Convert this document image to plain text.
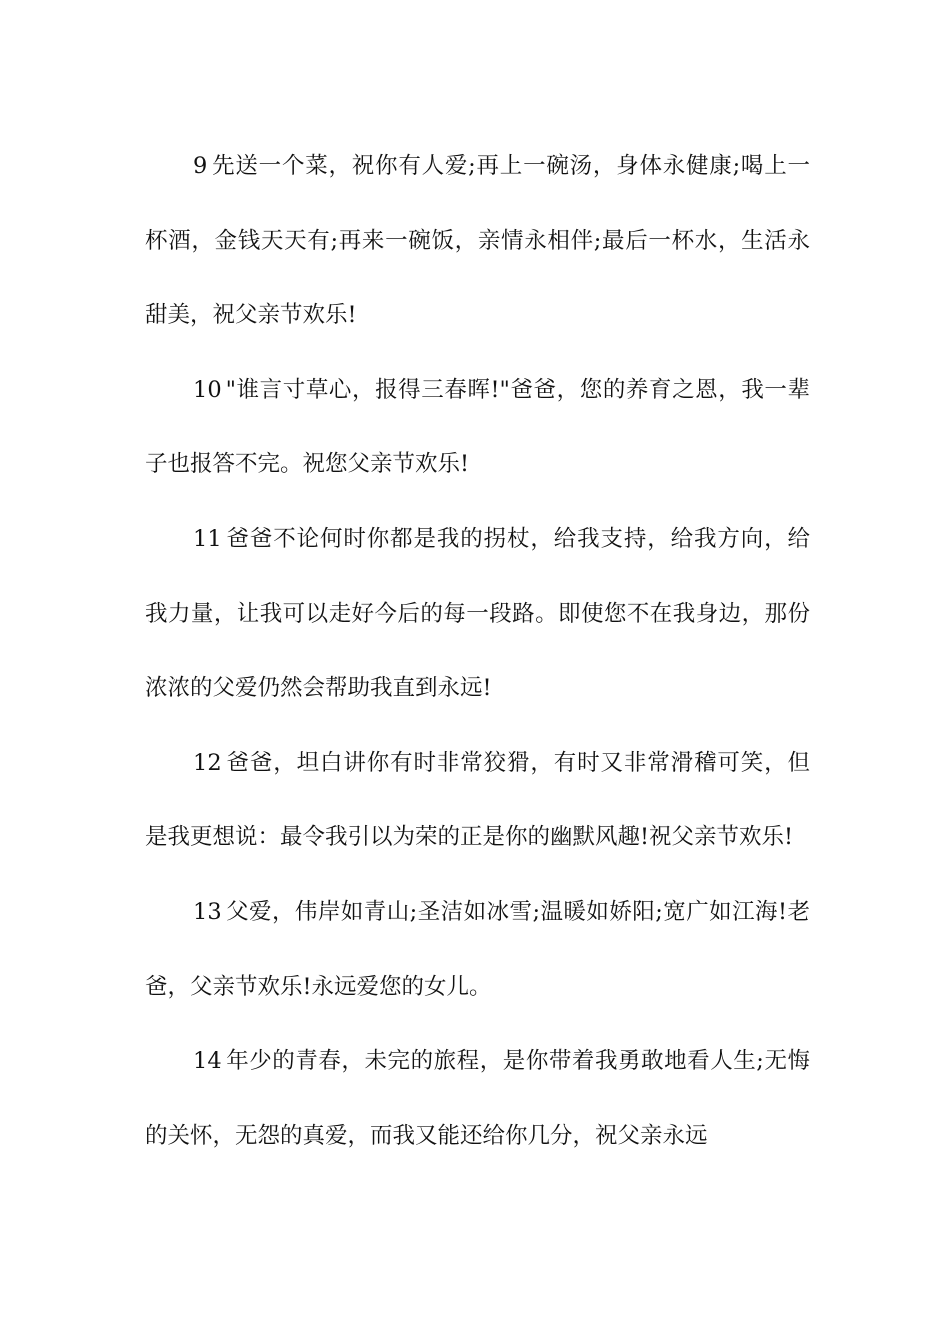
9 先送一个菜，祝你有人爱;再上一碗汤，身体永健康;喝上一杯酒，金钱天天有;再来一碗饭，亲情永相伴;最后一杯水，生活永甜美，祝父亲节欢乐!

10 "谁言寸草心，报得三春晖!"爸爸，您的养育之恩，我一辈子也报答不完。祝您父亲节欢乐!

11 爸爸不论何时你都是我的拐杖，给我支持，给我方向，给我力量，让我可以走好今后的每一段路。即使您不在我身边，那份浓浓的父爱仍然会帮助我直到永远!

12 爸爸，坦白讲你有时非常狡猾，有时又非常滑稽可笑，但是我更想说：最令我引以为荣的正是你的幽默风趣!祝父亲节欢乐!

13 父爱，伟岸如青山;圣洁如冰雪;温暖如娇阳;宽广如江海!老爸，父亲节欢乐!永远爱您的女儿。

14 年少的青春，未完的旅程，是你带着我勇敢地看人生;无悔的关怀，无怨的真爱，而我又能还给你几分，祝父亲永远
